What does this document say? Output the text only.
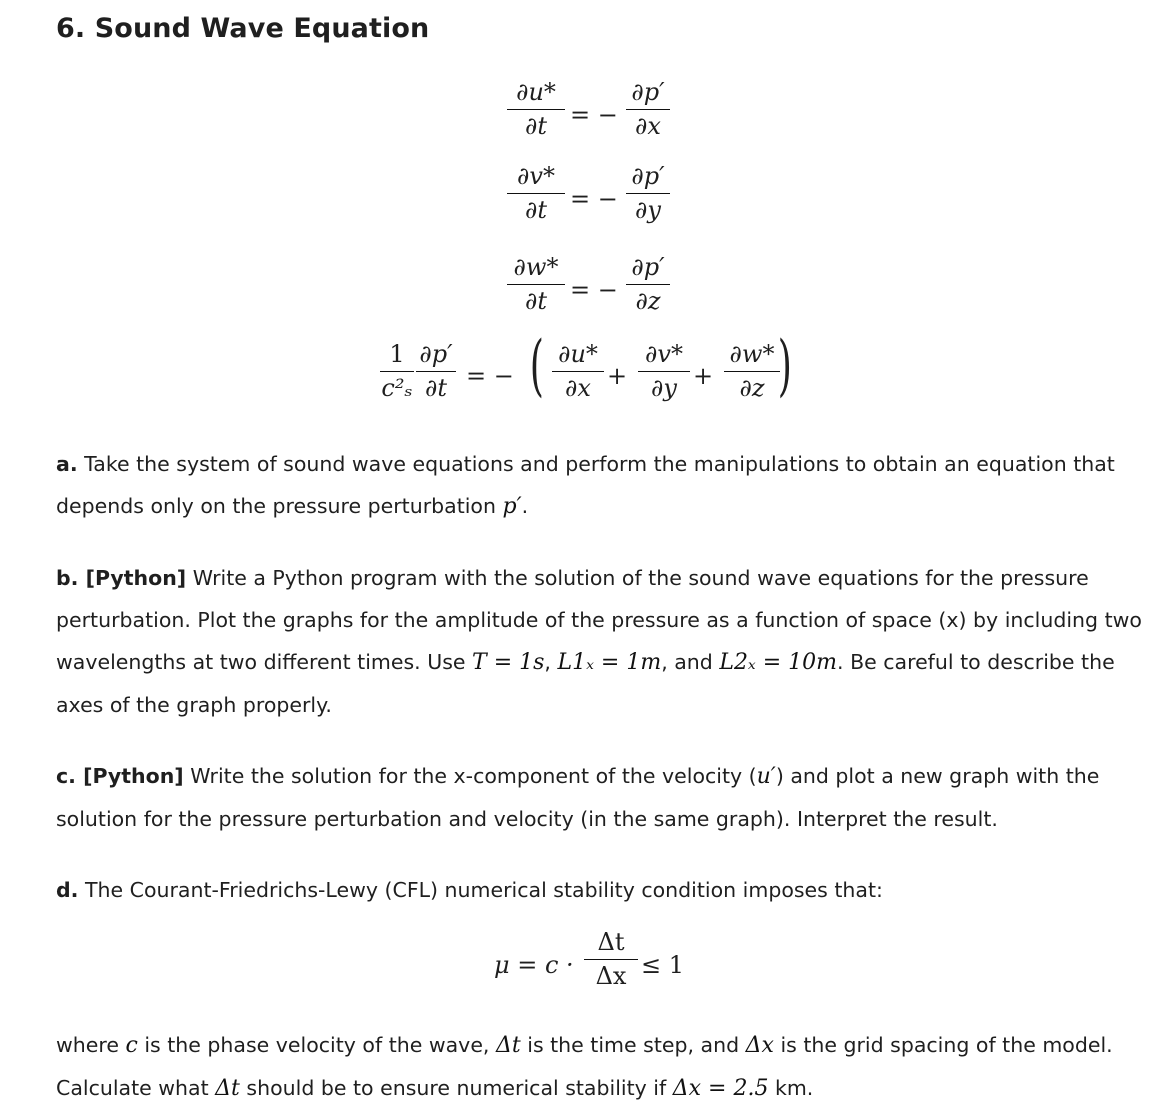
6. Sound Wave Equation
∂u*
∂t = −
∂p′
∂x
∂v*
∂t = −
∂p′
∂y
∂w*
∂t = −
∂p′
∂z
1
c²ₛ
∂p′
∂t = − ( ∂u*
∂x +
∂v*
∂y +
∂w*
∂z )

a. Take the system of sound wave equations and perform the manipulations to obtain an equation that depends only on the pressure perturbation p′.

b. [Python] Write a Python program with the solution of the sound wave equations for the pressure perturbation. Plot the graphs for the amplitude of the pressure as a function of space (x) by including two wavelengths at two different times. Use T = 1s, L1ₓ = 1m, and L2ₓ = 10m. Be careful to describe the axes of the graph properly.

c. [Python] Write the solution for the x-component of the velocity (u′) and plot a new graph with the solution for the pressure perturbation and velocity (in the same graph). Interpret the result.

d. The Courant-Friedrichs-Lewy (CFL) numerical stability condition imposes that:

μ = c ·
Δt
Δx ≤ 1

where c is the phase velocity of the wave, Δt is the time step, and Δx is the grid spacing of the model. Calculate what Δt should be to ensure numerical stability if Δx = 2.5 km.
